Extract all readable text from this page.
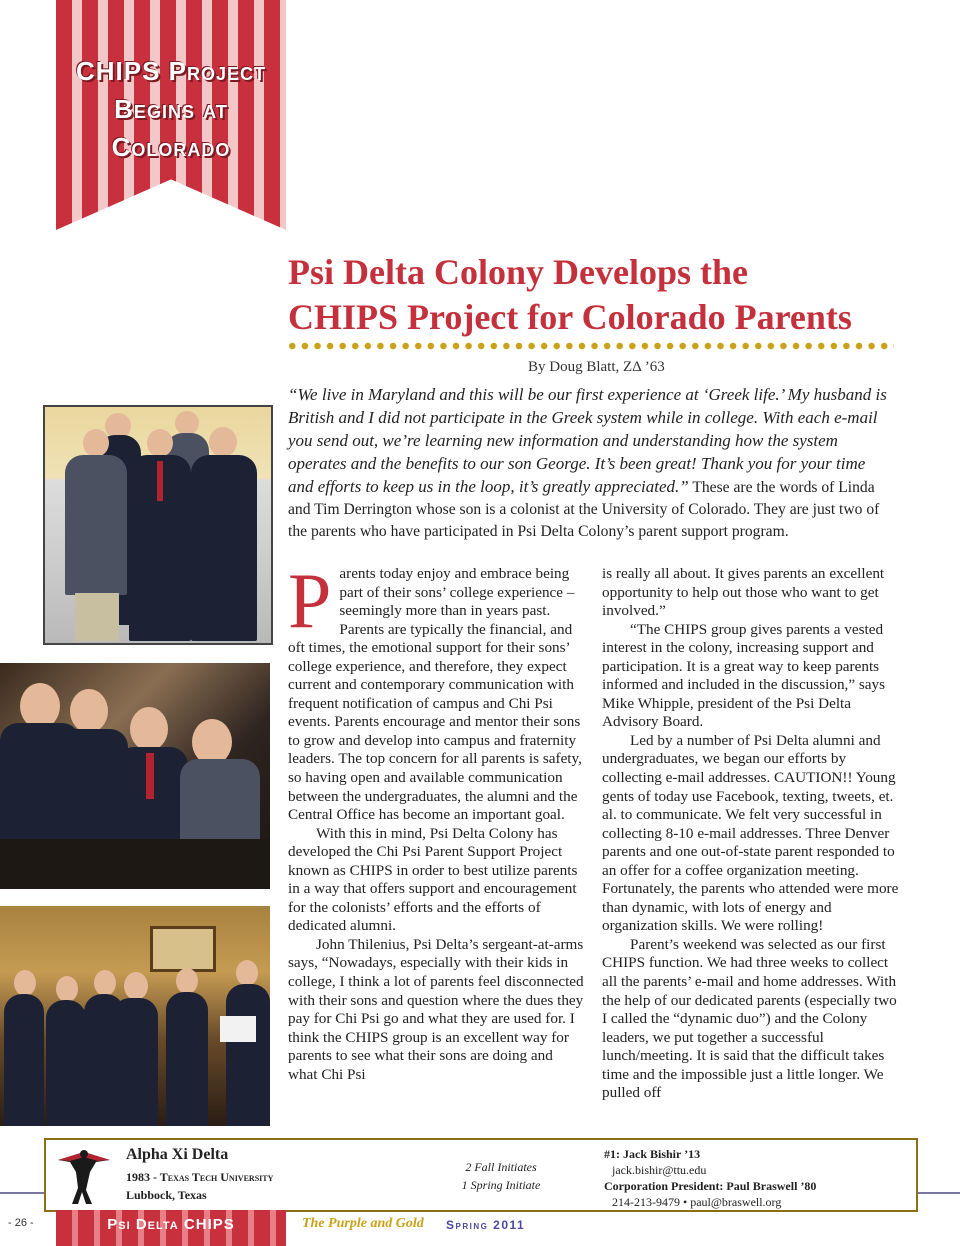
CHIPS Project
Begins at
Colorado
Psi Delta Colony Develops the
CHIPS Project for Colorado Parents
By Doug Blatt, ZΔ ’63
“We live in Maryland and this will be our first experience at ‘Greek life.’ My husband is British and I did not participate in the Greek system while in college. With each e-mail you send out, we’re learning new information and understanding how the system operates and the benefits to our son George. It’s been great! Thank you for your time and efforts to keep us in the loop, it’s greatly appreciated.” These are the words of Linda and Tim Derrington whose son is a colonist at the University of Colorado. They are just two of the parents who have participated in Psi Delta Colony’s parent support program.
P arents today enjoy and embrace being part of their sons’ college experience – seemingly more than in years past. Parents are typically the financial, and oft times, the emotional support for their sons’ college experience, and therefore, they expect current and contemporary communication with frequent notification of campus and Chi Psi events. Parents encourage and mentor their sons to grow and develop into campus and fraternity leaders. The top concern for all parents is safety, so having open and available communication between the undergraduates, the alumni and the Central Office has become an important goal.

With this in mind, Psi Delta Colony has developed the Chi Psi Parent Support Project known as CHIPS in order to best utilize parents in a way that offers support and encouragement for the colonists’ efforts and the efforts of dedicated alumni.

John Thilenius, Psi Delta’s sergeant-at-arms says, “Nowadays, especially with their kids in college, I think a lot of parents feel disconnected with their sons and question where the dues they pay for Chi Psi go and what they are used for. I think the CHIPS group is an excellent way for parents to see what their sons are doing and what Chi Psi

is really all about. It gives parents an excellent opportunity to help out those who want to get involved.”

“The CHIPS group gives parents a vested interest in the colony, increasing support and participation. It is a great way to keep parents informed and included in the discussion,” says Mike Whipple, president of the Psi Delta Advisory Board.

Led by a number of Psi Delta alumni and undergraduates, we began our efforts by collecting e-mail addresses. CAUTION!! Young gents of today use Facebook, texting, tweets, et. al. to communicate. We felt very successful in collecting 8-10 e-mail addresses. Three Denver parents and one out-of-state parent responded to an offer for a coffee organization meeting. Fortunately, the parents who attended were more than dynamic, with lots of energy and organization skills. We were rolling!

Parent’s weekend was selected as our first CHIPS function. We had three weeks to collect all the parents’ e-mail and home addresses. With the help of our dedicated parents (especially two I called the “dynamic duo”) and the Colony leaders, we put together a successful lunch/meeting. It is said that the difficult takes time and the impossible just a little longer. We pulled off

Alpha Xi Delta
1983 - Texas Tech University
Lubbock, Texas
2 Fall Initiates
1 Spring Initiate
#1: Jack Bishir ’13
jack.bishir@ttu.edu
Corporation President: Paul Braswell ’80
214-213-9479 • paul@braswell.org
- 26 -	Psi Delta CHIPS	The Purple and Gold Spring 2011
